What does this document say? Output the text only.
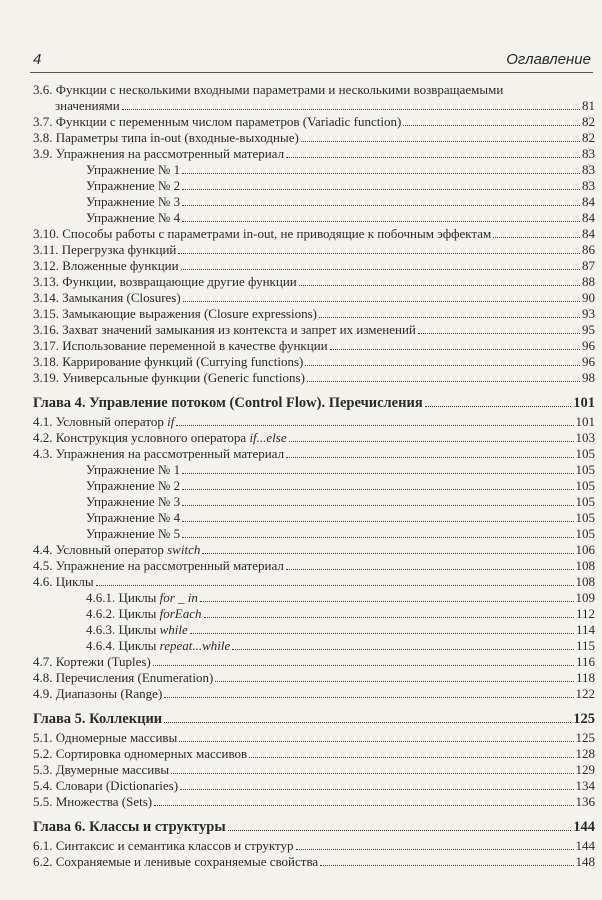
4	Оглавление
3.6. Функции с несколькими входными параметрами и несколькими возвращаемыми
значениями	81
3.7. Функции с переменным числом параметров (Variadic function)	82
3.8. Параметры типа in-out (входные-выходные)	82
3.9. Упражнения на рассмотренный материал	83
Упражнение № 1	83
Упражнение № 2	83
Упражнение № 3	84
Упражнение № 4	84
3.10. Способы работы с параметрами in-out, не приводящие к побочным эффектам	84
3.11. Перегрузка функций	86
3.12. Вложенные функции	87
3.13. Функции, возвращающие другие функции	88
3.14. Замыкания (Closures)	90
3.15. Замыкающие выражения (Closure expressions)	93
3.16. Захват значений замыкания из контекста и запрет их изменений	95
3.17. Использование переменной в качестве функции	96
3.18. Каррирование функций (Currying functions)	96
3.19. Универсальные функции (Generic functions)	98
Глава 4. Управление потоком (Control Flow). Перечисления	101
4.1. Условный оператор if	101
4.2. Конструкция условного оператора if...else	103
4.3. Упражнения на рассмотренный материал	105
Упражнение № 1	105
Упражнение № 2	105
Упражнение № 3	105
Упражнение № 4	105
Упражнение № 5	105
4.4. Условный оператор switch	106
4.5. Упражнение на рассмотренный материал	108
4.6. Циклы	108
4.6.1. Циклы for _ in	109
4.6.2. Циклы forEach	112
4.6.3. Циклы while	114
4.6.4. Циклы repeat...while	115
4.7. Кортежи (Tuples)	116
4.8. Перечисления (Enumeration)	118
4.9. Диапазоны (Range)	122
Глава 5. Коллекции	125
5.1. Одномерные массивы	125
5.2. Сортировка одномерных массивов	128
5.3. Двумерные массивы	129
5.4. Словари (Dictionaries)	134
5.5. Множества (Sets)	136
Глава 6. Классы и структуры	144
6.1. Синтаксис и семантика классов и структур	144
6.2. Сохраняемые и ленивые сохраняемые свойства	148
